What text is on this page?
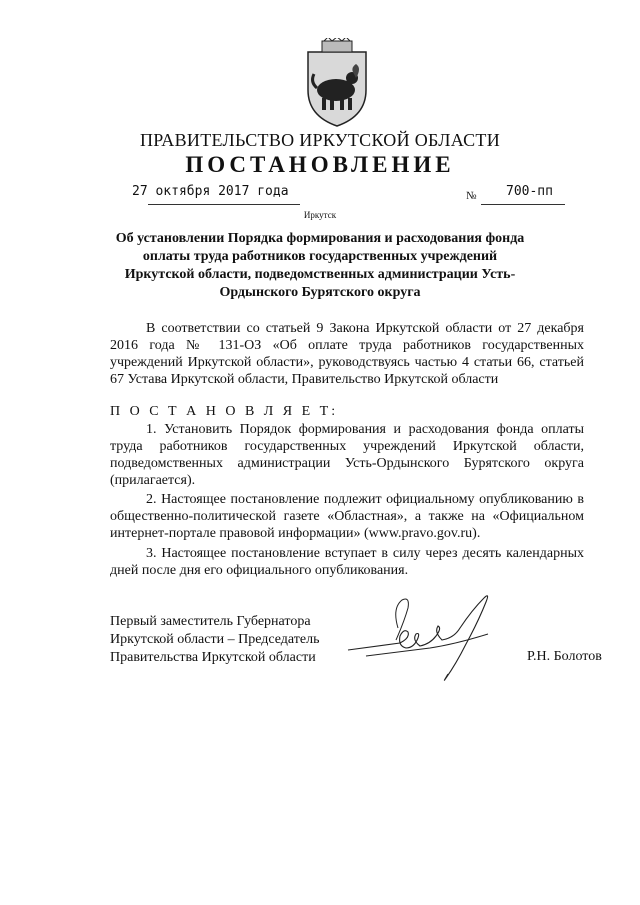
ПРАВИТЕЛЬСТВО ИРКУТСКОЙ ОБЛАСТИ
ПОСТАНОВЛЕНИЕ
27 октября 2017 года	№ 700-пп
Иркутск
Об установлении Порядка формирования и расходования фонда оплаты труда работников государственных учреждений Иркутской области, подведомственных администрации Усть-Ордынского Бурятского округа

В соответствии со статьей 9 Закона Иркутской области от 27 декабря 2016 года № 131-ОЗ «Об оплате труда работников государственных учреждений Иркутской области», руководствуясь частью 4 статьи 66, статьей 67 Устава Иркутской области, Правительство Иркутской области

П О С Т А Н О В Л Я Е Т:

1. Установить Порядок формирования и расходования фонда оплаты труда работников государственных учреждений Иркутской области, подведомственных администрации Усть-Ордынского Бурятского округа (прилагается).

2. Настоящее постановление подлежит официальному опубликованию в общественно-политической газете «Областная», а также на «Официальном интернет-портале правовой информации» (www.pravo.gov.ru).

3. Настоящее постановление вступает в силу через десять календарных дней после дня его официального опубликования.

Первый заместитель Губернатора
Иркутской области – Председатель
Правительства Иркутской области	Р.Н. Болотов
